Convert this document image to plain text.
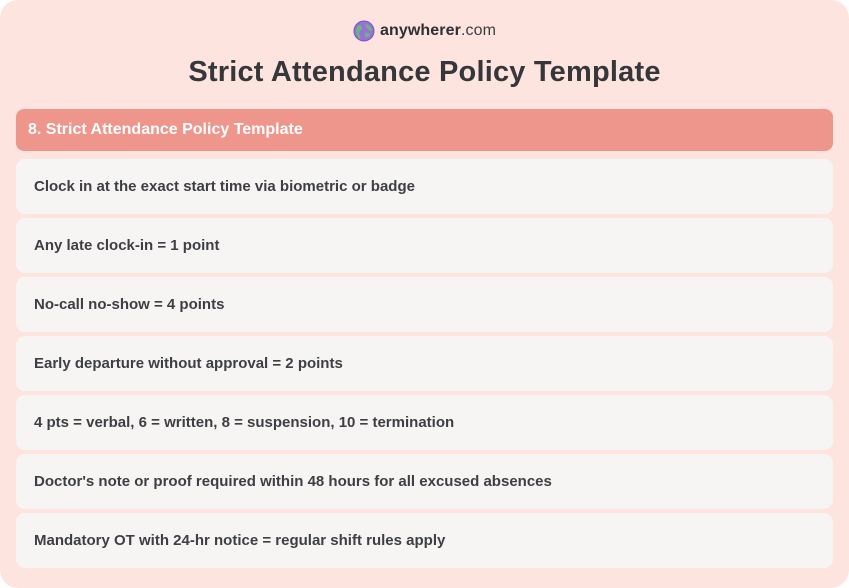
anywherer.com
Strict Attendance Policy Template
8. Strict Attendance Policy Template
Clock in at the exact start time via biometric or badge
Any late clock-in = 1 point
No-call no-show = 4 points
Early departure without approval = 2 points
4 pts = verbal, 6 = written, 8 = suspension, 10 = termination
Doctor's note or proof required within 48 hours for all excused absences
Mandatory OT with 24-hr notice = regular shift rules apply
